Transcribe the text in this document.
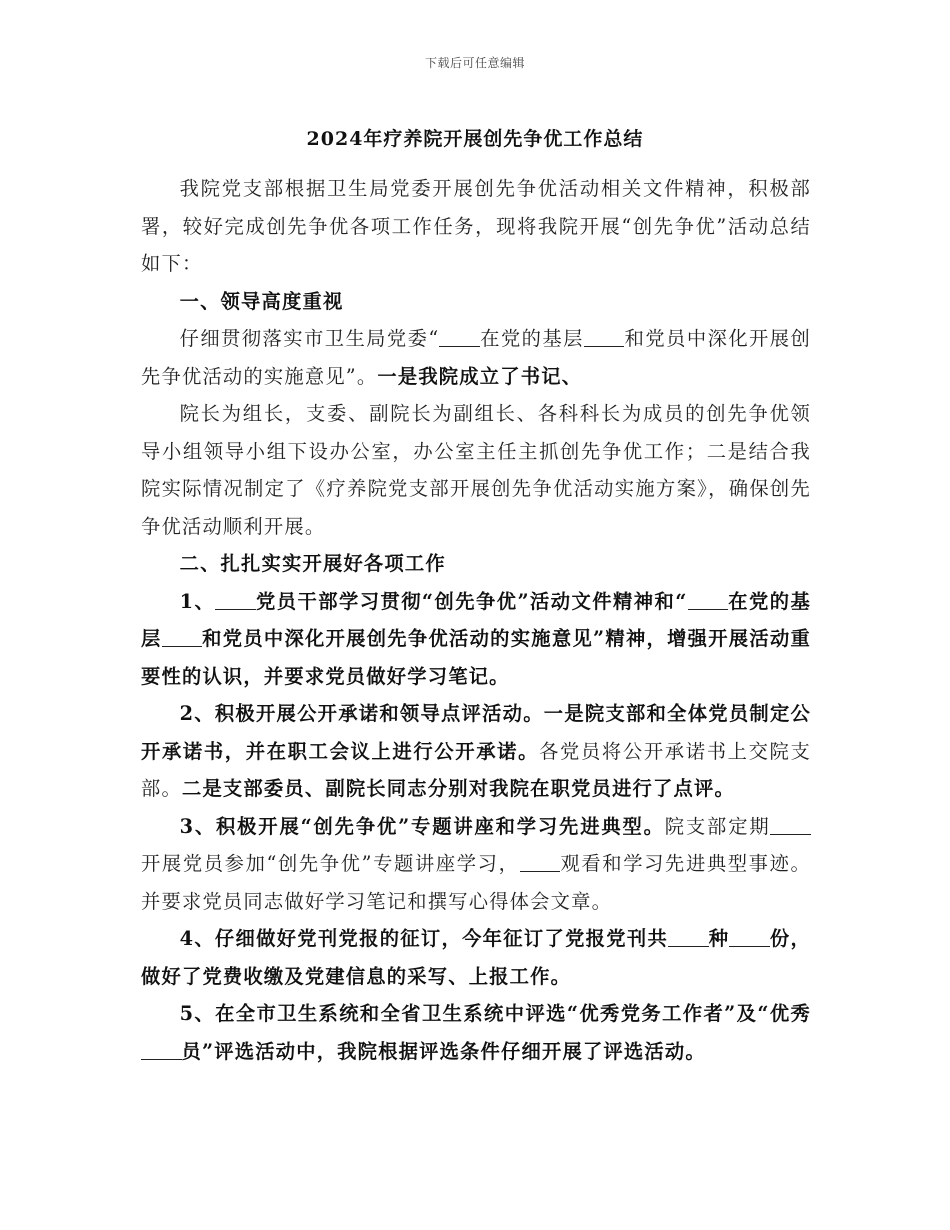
下载后可任意编辑
2024年疗养院开展创先争优工作总结

我院党支部根据卫生局党委开展创先争优活动相关文件精神，积极部署，较好完成创先争优各项工作任务，现将我院开展“创先争优”活动总结如下：

一、领导高度重视

仔细贯彻落实市卫生局党委“ 在党的基层 和党员中深化开展创先争优活动的实施意见”。一是我院成立了书记、

院长为组长，支委、副院长为副组长、各科科长为成员的创先争优领导小组领导小组下设办公室，办公室主任主抓创先争优工作；二是结合我院实际情况制定了《疗养院党支部开展创先争优活动实施方案》，确保创先争优活动顺利开展。

二、扎扎实实开展好各项工作

1、 党员干部学习贯彻“创先争优”活动文件精神和“ 在党的基层 和党员中深化开展创先争优活动的实施意见”精神，增强开展活动重要性的认识，并要求党员做好学习笔记。

2、积极开展公开承诺和领导点评活动。一是院支部和全体党员制定公开承诺书，并在职工会议上进行公开承诺。各党员将公开承诺书上交院支部。二是支部委员、副院长同志分别对我院在职党员进行了点评。

3、积极开展“创先争优”专题讲座和学习先进典型。院支部定期开展党员参加“创先争优”专题讲座学习， 观看和学习先进典型事迹。并要求党员同志做好学习笔记和撰写心得体会文章。

4、仔细做好党刊党报的征订，今年征订了党报党刊共 种 份，做好了党费收缴及党建信息的采写、上报工作。

5、在全市卫生系统和全省卫生系统中评选“优秀党务工作者”及“优秀员”评选活动中，我院根据评选条件仔细开展了评选活动。
